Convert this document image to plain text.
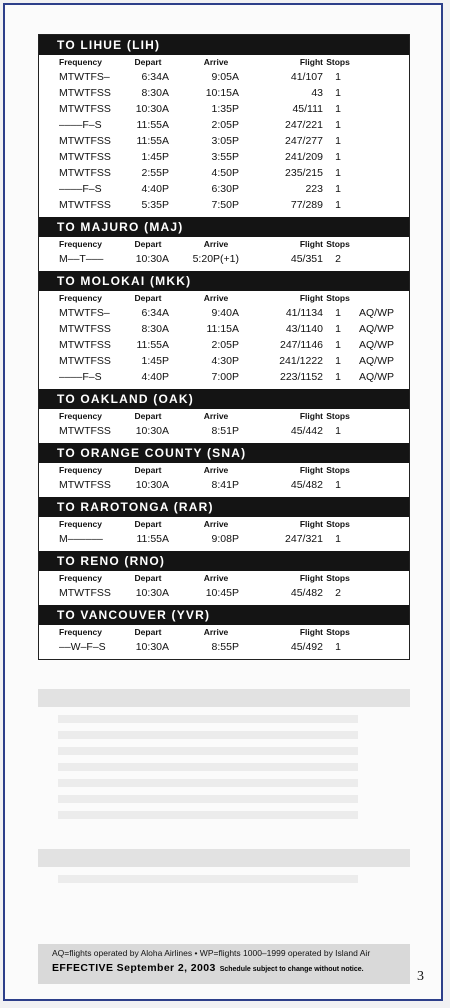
TO LIHUE (LIH)
Frequency	Depart	Arrive	Flight Stops
MTWTFS–	6:34A	9:05A	41/107	1
MTWTFSS	8:30A	10:15A	43	1
MTWTFSS	10:30A	1:35P	45/111	1
––––F–S	11:55A	2:05P	247/221	1
MTWTFSS	11:55A	3:05P	247/277	1
MTWTFSS	1:45P	3:55P	241/209	1
MTWTFSS	2:55P	4:50P	235/215	1
––––F–S	4:40P	6:30P	223	1
MTWTFSS	5:35P	7:50P	77/289	1
TO MAJURO (MAJ)
Frequency	Depart	Arrive	Flight Stops
M––T–––	10:30A	5:20P(+1)	45/351	2
TO MOLOKAI (MKK)
Frequency	Depart	Arrive	Flight Stops
MTWTFS–	6:34A	9:40A	41/1134	1	AQ/WP
MTWTFSS	8:30A	11:15A	43/1140	1	AQ/WP
MTWTFSS	11:55A	2:05P	247/1146	1	AQ/WP
MTWTFSS	1:45P	4:30P	241/1222	1	AQ/WP
––––F–S	4:40P	7:00P	223/1152	1	AQ/WP
TO OAKLAND (OAK)
Frequency	Depart	Arrive	Flight Stops
MTWTFSS	10:30A	8:51P	45/442	1
TO ORANGE COUNTY (SNA)
Frequency	Depart	Arrive	Flight Stops
MTWTFSS	10:30A	8:41P	45/482	1
TO RAROTONGA (RAR)
Frequency	Depart	Arrive	Flight Stops
M––––––	11:55A	9:08P	247/321	1
TO RENO (RNO)
Frequency	Depart	Arrive	Flight Stops
MTWTFSS	10:30A	10:45P	45/482	2
TO VANCOUVER (YVR)
Frequency	Depart	Arrive	Flight Stops
––W–F–S	10:30A	8:55P	45/492	1
AQ=flights operated by Aloha Airlines • WP=flights 1000–1999 operated by Island Air
EFFECTIVE September 2, 2003 Schedule subject to change without notice.	3
